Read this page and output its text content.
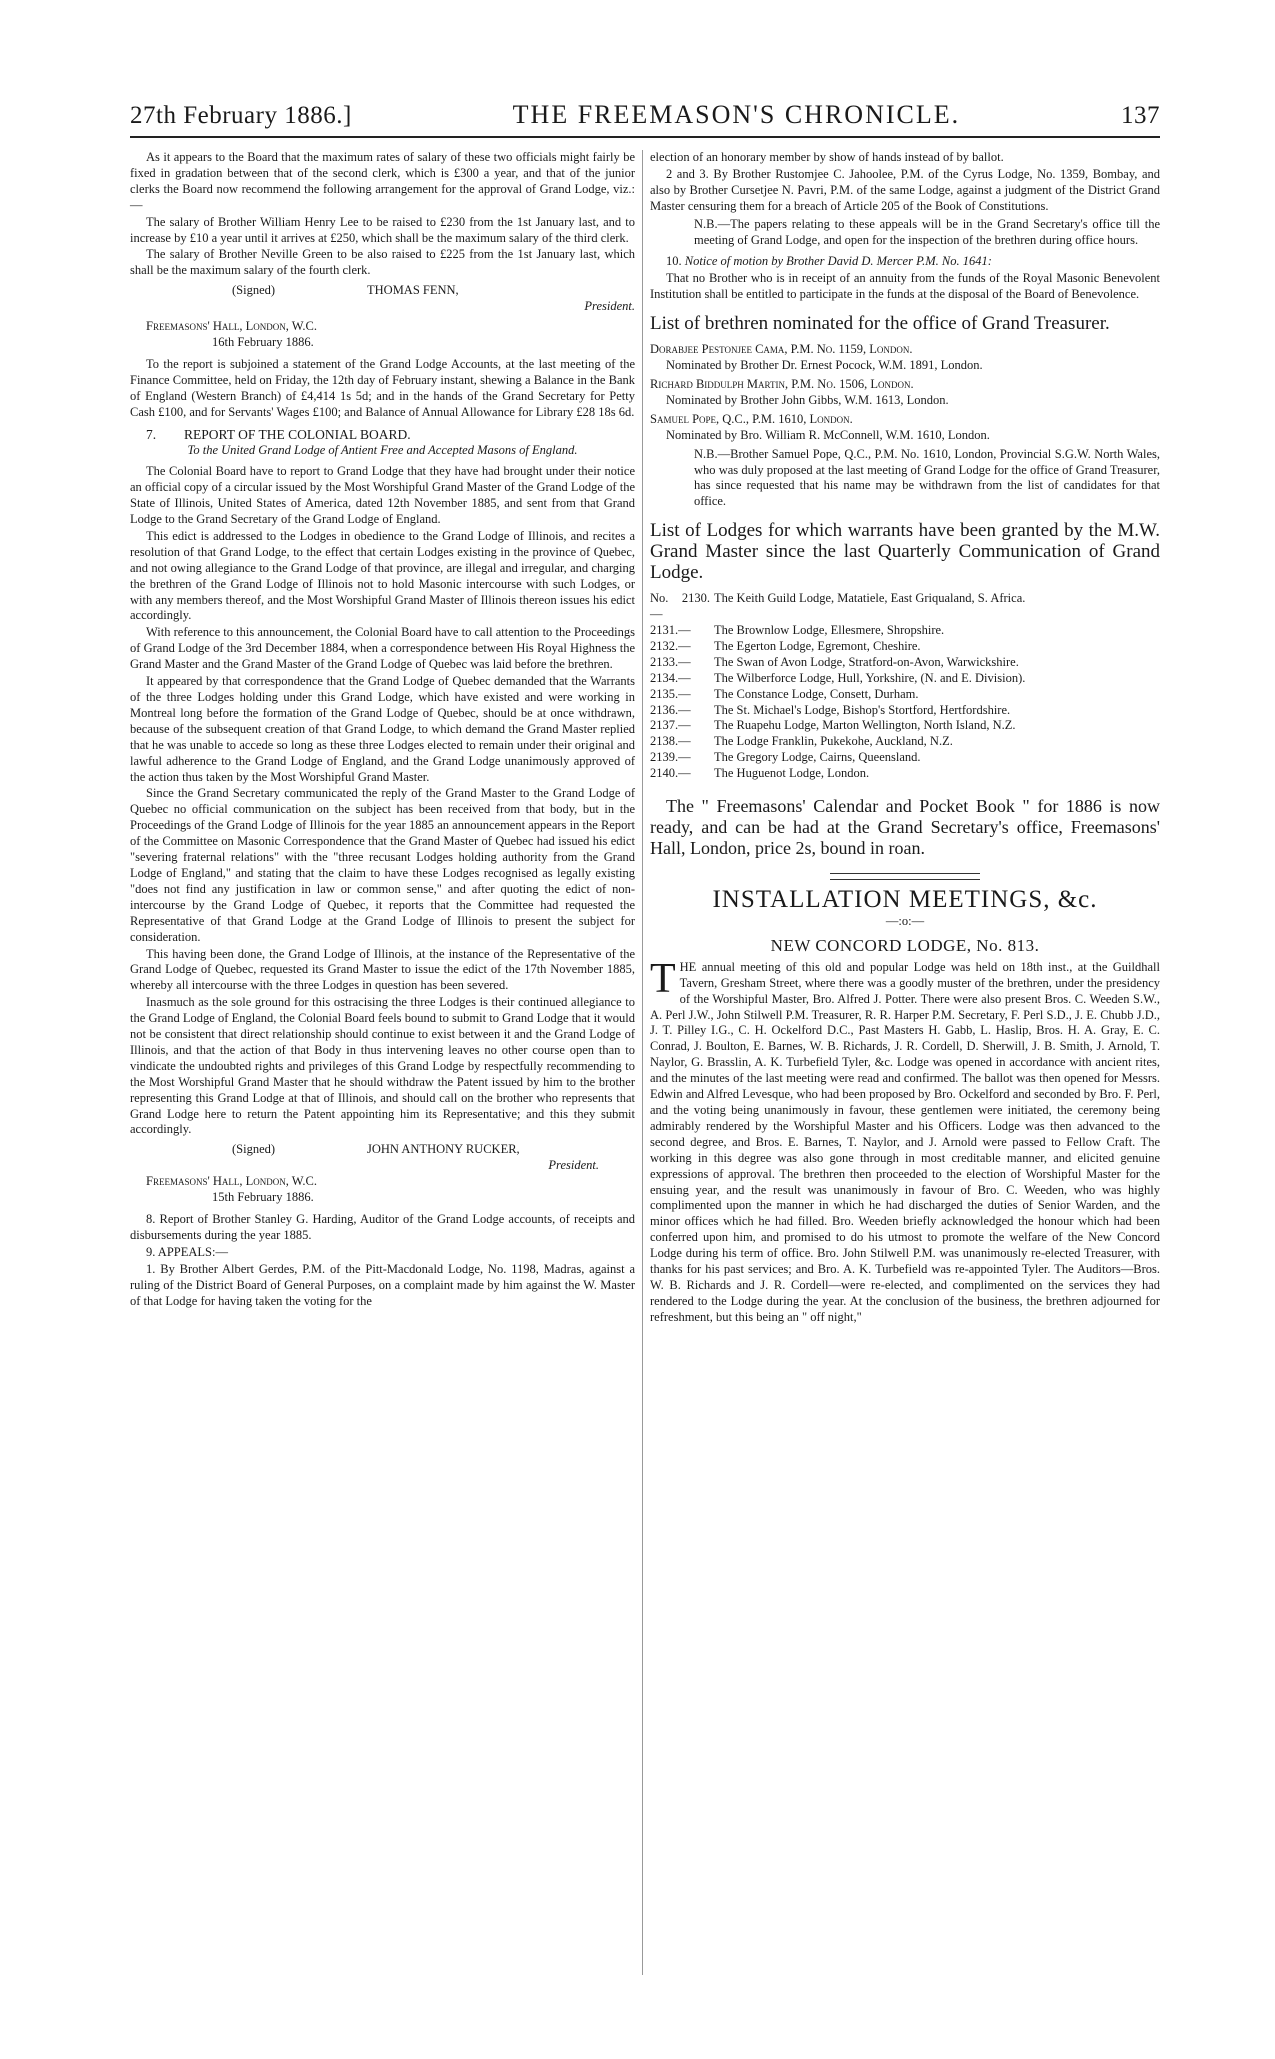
27th February 1886.]	THE FREEMASON'S CHRONICLE.	137

As it appears to the Board that the maximum rates of salary of these two officials might fairly be fixed in gradation between that of the second clerk, which is £300 a year, and that of the junior clerks the Board now recommend the following arrangement for the approval of Grand Lodge, viz.:—

The salary of Brother William Henry Lee to be raised to £230 from the 1st January last, and to increase by £10 a year until it arrives at £250, which shall be the maximum salary of the third clerk.

The salary of Brother Neville Green to be also raised to £225 from the 1st January last, which shall be the maximum salary of the fourth clerk.

(Signed)	THOMAS FENN,

President.

Freemasons' Hall, London, W.C.

16th February 1886.

To the report is subjoined a statement of the Grand Lodge Accounts, at the last meeting of the Finance Committee, held on Friday, the 12th day of February instant, shewing a Balance in the Bank of England (Western Branch) of £4,414 1s 5d; and in the hands of the Grand Secretary for Petty Cash £100, and for Servants' Wages £100; and Balance of Annual Allowance for Library £28 18s 6d.

7. REPORT OF THE COLONIAL BOARD.

To the United Grand Lodge of Antient Free and Accepted Masons of England.

The Colonial Board have to report to Grand Lodge that they have had brought under their notice an official copy of a circular issued by the Most Worshipful Grand Master of the Grand Lodge of the State of Illinois, United States of America, dated 12th November 1885, and sent from that Grand Lodge to the Grand Secretary of the Grand Lodge of England.

This edict is addressed to the Lodges in obedience to the Grand Lodge of Illinois, and recites a resolution of that Grand Lodge, to the effect that certain Lodges existing in the province of Quebec, and not owing allegiance to the Grand Lodge of that province, are illegal and irregular, and charging the brethren of the Grand Lodge of Illinois not to hold Masonic intercourse with such Lodges, or with any members thereof, and the Most Worshipful Grand Master of Illinois thereon issues his edict accordingly.

With reference to this announcement, the Colonial Board have to call attention to the Proceedings of Grand Lodge of the 3rd December 1884, when a correspondence between His Royal Highness the Grand Master and the Grand Master of the Grand Lodge of Quebec was laid before the brethren.

It appeared by that correspondence that the Grand Lodge of Quebec demanded that the Warrants of the three Lodges holding under this Grand Lodge, which have existed and were working in Montreal long before the formation of the Grand Lodge of Quebec, should be at once withdrawn, because of the subsequent creation of that Grand Lodge, to which demand the Grand Master replied that he was unable to accede so long as these three Lodges elected to remain under their original and lawful adherence to the Grand Lodge of England, and the Grand Lodge unanimously approved of the action thus taken by the Most Worshipful Grand Master.

Since the Grand Secretary communicated the reply of the Grand Master to the Grand Lodge of Quebec no official communication on the subject has been received from that body, but in the Proceedings of the Grand Lodge of Illinois for the year 1885 an announcement appears in the Report of the Committee on Masonic Correspondence that the Grand Master of Quebec had issued his edict "severing fraternal relations" with the "three recusant Lodges holding authority from the Grand Lodge of England," and stating that the claim to have these Lodges recognised as legally existing "does not find any justification in law or common sense," and after quoting the edict of non-intercourse by the Grand Lodge of Quebec, it reports that the Committee had requested the Representative of that Grand Lodge at the Grand Lodge of Illinois to present the subject for consideration.

This having been done, the Grand Lodge of Illinois, at the instance of the Representative of the Grand Lodge of Quebec, requested its Grand Master to issue the edict of the 17th November 1885, whereby all intercourse with the three Lodges in question has been severed.

Inasmuch as the sole ground for this ostracising the three Lodges is their continued allegiance to the Grand Lodge of England, the Colonial Board feels bound to submit to Grand Lodge that it would not be consistent that direct relationship should continue to exist between it and the Grand Lodge of Illinois, and that the action of that Body in thus intervening leaves no other course open than to vindicate the undoubted rights and privileges of this Grand Lodge by respectfully recommending to the Most Worshipful Grand Master that he should withdraw the Patent issued by him to the brother representing this Grand Lodge at that of Illinois, and should call on the brother who represents that Grand Lodge here to return the Patent appointing him its Representative; and this they submit accordingly.

(Signed)	JOHN ANTHONY RUCKER,

President.

Freemasons' Hall, London, W.C.

15th February 1886.

8. Report of Brother Stanley G. Harding, Auditor of the Grand Lodge accounts, of receipts and disbursements during the year 1885.

9. APPEALS:—

1. By Brother Albert Gerdes, P.M. of the Pitt-Macdonald Lodge, No. 1198, Madras, against a ruling of the District Board of General Purposes, on a complaint made by him against the W. Master of that Lodge for having taken the voting for the

election of an honorary member by show of hands instead of by ballot.

2 and 3. By Brother Rustomjee C. Jahoolee, P.M. of the Cyrus Lodge, No. 1359, Bombay, and also by Brother Cursetjee N. Pavri, P.M. of the same Lodge, against a judgment of the District Grand Master censuring them for a breach of Article 205 of the Book of Constitutions.

N.B.—The papers relating to these appeals will be in the Grand Secretary's office till the meeting of Grand Lodge, and open for the inspection of the brethren during office hours.

10. Notice of motion by Brother David D. Mercer P.M. No. 1641:

That no Brother who is in receipt of an annuity from the funds of the Royal Masonic Benevolent Institution shall be entitled to participate in the funds at the disposal of the Board of Benevolence.

List of brethren nominated for the office of Grand Treasurer.

Dorabjee Pestonjee Cama, P.M. No. 1159, London.

Nominated by Brother Dr. Ernest Pocock, W.M. 1891, London.

Richard Biddulph Martin, P.M. No. 1506, London.

Nominated by Brother John Gibbs, W.M. 1613, London.

Samuel Pope, Q.C., P.M. 1610, London.

Nominated by Bro. William R. McConnell, W.M. 1610, London.

N.B.—Brother Samuel Pope, Q.C., P.M. No. 1610, London, Provincial S.G.W. North Wales, who was duly proposed at the last meeting of Grand Lodge for the office of Grand Treasurer, has since requested that his name may be withdrawn from the list of candidates for that office.

List of Lodges for which warrants have been granted by the M.W. Grand Master since the last Quarterly Communication of Grand Lodge.

No. 2130.—
The Keith Guild Lodge, Matatiele, East Griqualand, S. Africa.
2131.—	The Brownlow Lodge, Ellesmere, Shropshire.
2132.—	The Egerton Lodge, Egremont, Cheshire.
2133.—	The Swan of Avon Lodge, Stratford-on-Avon, Warwickshire.
2134.—	The Wilberforce Lodge, Hull, Yorkshire, (N. and E. Division).
2135.—	The Constance Lodge, Consett, Durham.
2136.—	The St. Michael's Lodge, Bishop's Stortford, Hertfordshire.
2137.—	The Ruapehu Lodge, Marton Wellington, North Island, N.Z.
2138.—	The Lodge Franklin, Pukekohe, Auckland, N.Z.
2139.—	The Gregory Lodge, Cairns, Queensland.
2140.—	The Huguenot Lodge, London.

The " Freemasons' Calendar and Pocket Book " for 1886 is now ready, and can be had at the Grand Secretary's office, Freemasons' Hall, London, price 2s, bound in roan.

INSTALLATION MEETINGS, &c.

—:o:—

NEW CONCORD LODGE, No. 813.

THE annual meeting of this old and popular Lodge was held on 18th inst., at the Guildhall Tavern, Gresham Street, where there was a goodly muster of the brethren, under the presidency of the Worshipful Master, Bro. Alfred J. Potter. There were also present Bros. C. Weeden S.W., A. Perl J.W., John Stilwell P.M. Treasurer, R. R. Harper P.M. Secretary, F. Perl S.D., J. E. Chubb J.D., J. T. Pilley I.G., C. H. Ockelford D.C., Past Masters H. Gabb, L. Haslip, Bros. H. A. Gray, E. C. Conrad, J. Boulton, E. Barnes, W. B. Richards, J. R. Cordell, D. Sherwill, J. B. Smith, J. Arnold, T. Naylor, G. Brasslin, A. K. Turbefield Tyler, &c. Lodge was opened in accordance with ancient rites, and the minutes of the last meeting were read and confirmed. The ballot was then opened for Messrs. Edwin and Alfred Levesque, who had been proposed by Bro. Ockelford and seconded by Bro. F. Perl, and the voting being unanimously in favour, these gentlemen were initiated, the ceremony being admirably rendered by the Worshipful Master and his Officers. Lodge was then advanced to the second degree, and Bros. E. Barnes, T. Naylor, and J. Arnold were passed to Fellow Craft. The working in this degree was also gone through in most creditable manner, and elicited genuine expressions of approval. The brethren then proceeded to the election of Worshipful Master for the ensuing year, and the result was unanimously in favour of Bro. C. Weeden, who was highly complimented upon the manner in which he had discharged the duties of Senior Warden, and the minor offices which he had filled. Bro. Weeden briefly acknowledged the honour which had been conferred upon him, and promised to do his utmost to promote the welfare of the New Concord Lodge during his term of office. Bro. John Stilwell P.M. was unanimously re-elected Treasurer, with thanks for his past services; and Bro. A. K. Turbefield was re-appointed Tyler. The Auditors—Bros. W. B. Richards and J. R. Cordell—were re-elected, and complimented on the services they had rendered to the Lodge during the year. At the conclusion of the business, the brethren adjourned for refreshment, but this being an " off night,"
